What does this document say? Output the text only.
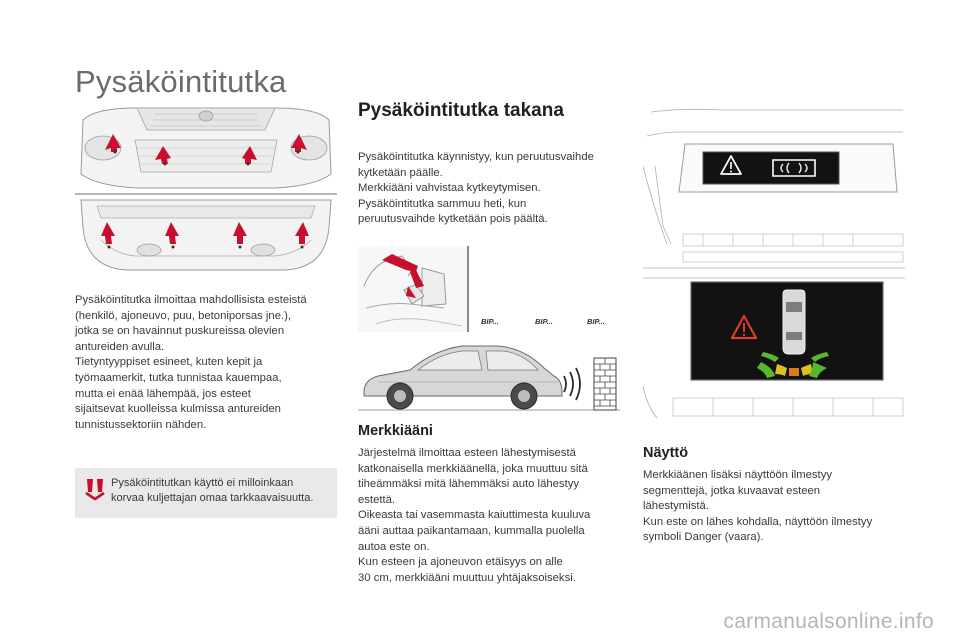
Pysäköintitutka
Pysäköintitutka ilmoittaa mahdollisista esteistä
(henkilö, ajoneuvo, puu, betoniporsas jne.),
jotka se on havainnut puskureissa olevien
antureiden avulla.
Tietyntyyppiset esineet, kuten kepit ja
työmaamerkit, tutka tunnistaa kauempaa,
mutta ei enää lähempää, jos esteet
sijaitsevat kuolleissa kulmissa antureiden
tunnistussektoriin nähden.
Pysäköintitutkan käyttö ei milloinkaan
korvaa kuljettajan omaa tarkkaavaisuutta.
Pysäköintitutka takana
Pysäköintitutka käynnistyy, kun peruutusvaihde
kytketään päälle.
Merkkiääni vahvistaa kytkeytymisen.
Pysäköintitutka sammuu heti, kun
peruutusvaihde kytketään pois päältä.
BIP...	BIP...	BIP...
Merkkiääni
Järjestelmä ilmoittaa esteen lähestymisestä
katkonaisella merkkiäänellä, joka muuttuu sitä
tiheämmäksi mitä lähemmäksi auto lähestyy
estettä.
Oikeasta tai vasemmasta kaiuttimesta kuuluva
ääni auttaa paikantamaan, kummalla puolella
autoa este on.
Kun esteen ja ajoneuvon etäisyys on alle
30 cm, merkkiääni muuttuu yhtäjaksoiseksi.
Näyttö
Merkkiäänen lisäksi näyttöön ilmestyy
segmenttejä, jotka kuvaavat esteen
lähestymistä.
Kun este on lähes kohdalla, näyttöön ilmestyy
symboli Danger (vaara).
carmanualsonline.info
